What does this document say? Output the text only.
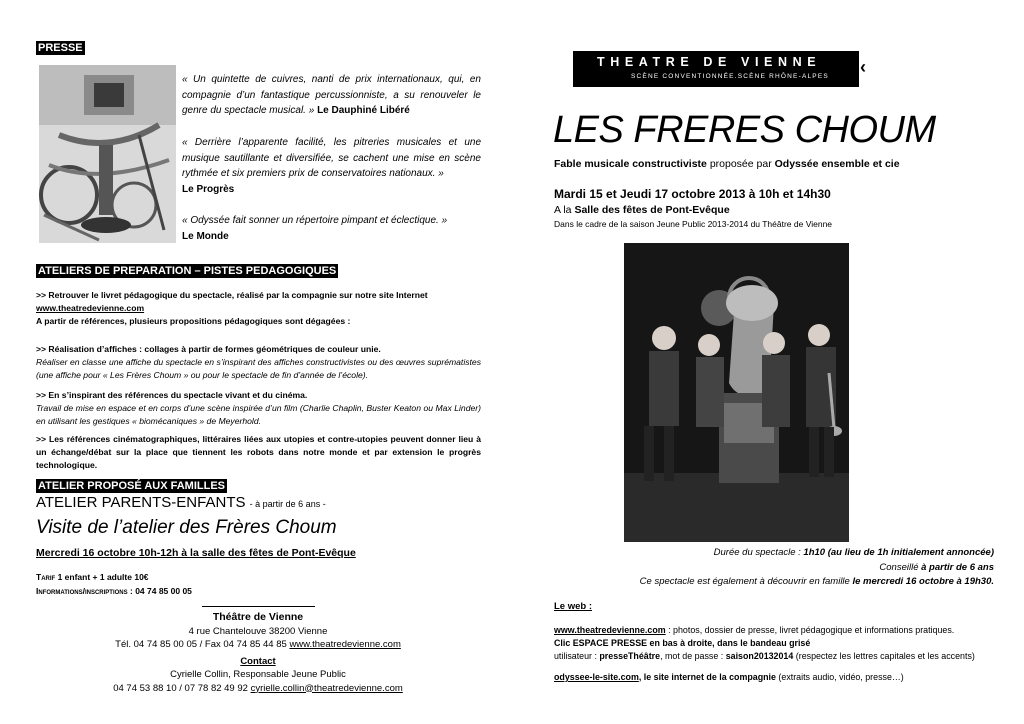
PRESSE
« Un quintette de cuivres, nanti de prix internationaux, qui, en compagnie d’un fantastique percussionniste, a su renouveler le genre du spectacle musical. » Le Dauphiné Libéré
« Derrière l’apparente facilité, les pitreries musicales et une musique sautillante et diversifiée, se cachent une mise en scène rythmée et six premiers prix de conservatoires nationaux. »
Le Progrès
« Odyssée fait sonner un répertoire pimpant et éclectique. »
Le Monde
ATELIERS DE PREPARATION – PISTES PEDAGOGIQUES
>> Retrouver le livret pédagogique du spectacle, réalisé par la compagnie sur notre site Internet
www.theatredevienne.com
A partir de références, plusieurs propositions pédagogiques sont dégagées :
>> Réalisation d’affiches : collages à partir de formes géométriques de couleur unie.
Réaliser en classe une affiche du spectacle en s’inspirant des affiches constructivistes ou des œuvres suprématistes (une affiche pour « Les Frères Choum » ou pour le spectacle de fin d’année de l’école).
>> En s’inspirant des références du spectacle vivant et du cinéma.
Travail de mise en espace et en corps d’une scène inspirée d’un film (Charlie Chaplin, Buster Keaton ou Max Linder) en utilisant les gestiques « biomécaniques » de Meyerhold.
>> Les références cinématographiques, littéraires liées aux utopies et contre-utopies peuvent donner lieu à un échange/débat sur la place que tiennent les robots dans notre monde et par extension le progrès technologique.
ATELIER PROPOSÉ AUX FAMILLES
ATELIER PARENTS-ENFANTS - à partir de 6 ans -
Visite de l’atelier des Frères Choum
Mercredi 16 octobre 10h-12h à la salle des fêtes de Pont-Evêque
Tarif 1 enfant + 1 adulte 10€
Informations/inscriptions : 04 74 85 00 05
Théâtre de Vienne
4 rue Chantelouve 38200 Vienne
Tél. 04 74 85 00 05 / Fax 04 74 85 44 85 www.theatredevienne.com
Contact
Cyrielle Collin, Responsable Jeune Public
04 74 53 88 10 / 07 78 82 49 92 cyrielle.collin@theatredevienne.com
THEATRE DE VIENNE
SCÈNE CONVENTIONNÉE.SCÈNE RHÔNE-ALPES ‹
LES FRERES CHOUM
Fable musicale constructiviste proposée par Odyssée ensemble et cie
Mardi 15 et Jeudi 17 octobre 2013 à 10h et 14h30
A la Salle des fêtes de Pont-Evêque
Dans le cadre de la saison Jeune Public 2013-2014 du Théâtre de Vienne
Durée du spectacle : 1h10 (au lieu de 1h initialement annoncée)
Conseillé à partir de 6 ans
Ce spectacle est également à découvrir en famille le mercredi 16 octobre à 19h30.
Le web :
www.theatredevienne.com : photos, dossier de presse, livret pédagogique et informations pratiques.
Clic ESPACE PRESSE en bas à droite, dans le bandeau grisé
utilisateur : presseThéâtre, mot de passe : saison20132014 (respectez les lettres capitales et les accents)
odyssee-le-site.com, le site internet de la compagnie (extraits audio, vidéo, presse…)
